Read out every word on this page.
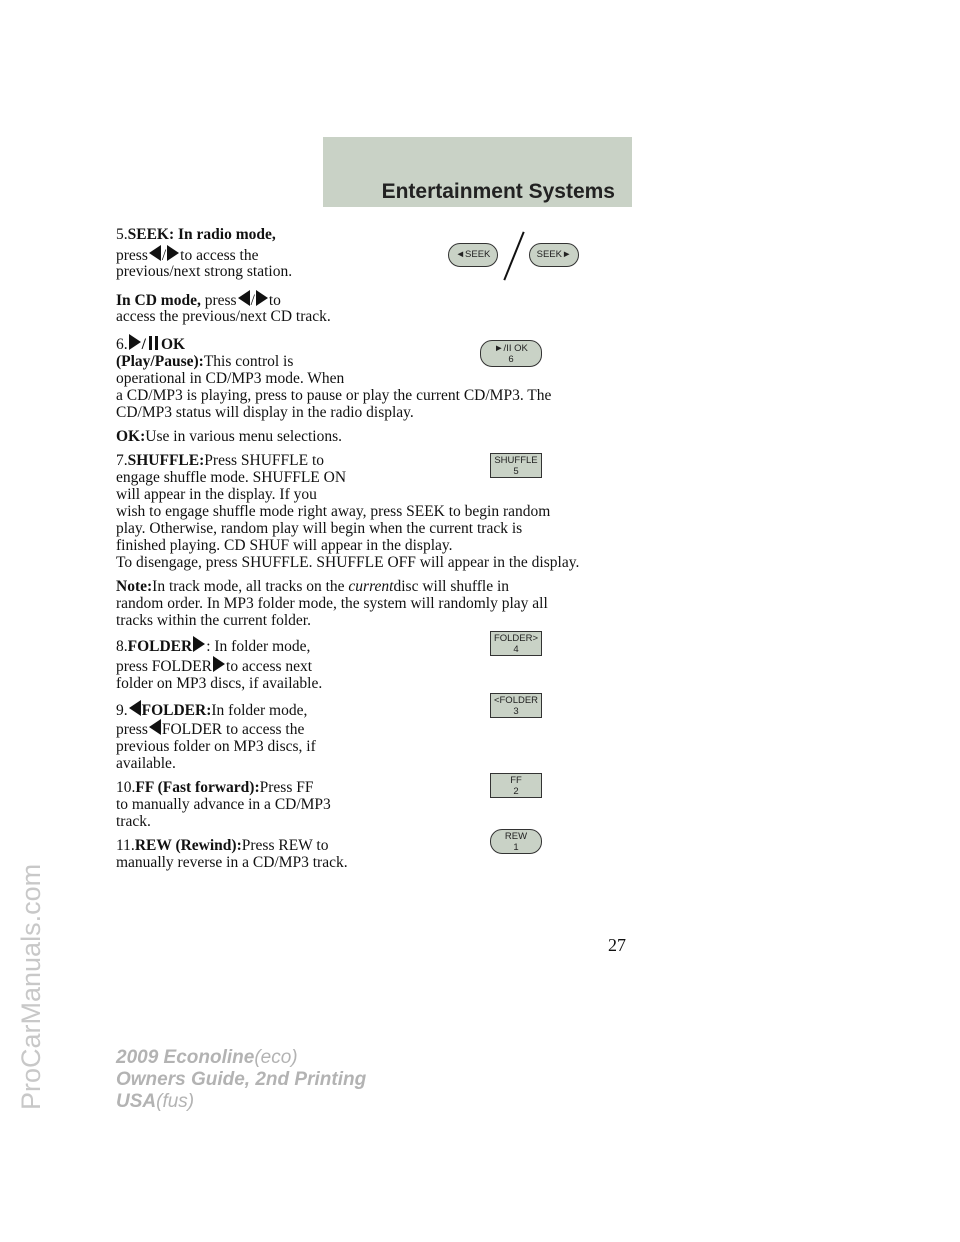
Entertainment Systems
ProCarManuals.com
5.SEEK: In radio mode,
press / to access the
previous/next strong station.
In CD mode, press / to
access the previous/next CD track.
◄SEEK	SEEK►
6. / OK
(Play/Pause):This control is
operational in CD/MP3 mode. When
a CD/MP3 is playing, press to pause or play the current CD/MP3. The
CD/MP3 status will display in the radio display.
►/II OK
6
OK:Use in various menu selections.
7.SHUFFLE:Press SHUFFLE to
engage shuffle mode. SHUFFLE ON
will appear in the display. If you
wish to engage shuffle mode right away, press SEEK to begin random
play. Otherwise, random play will begin when the current track is
finished playing. CD SHUF will appear in the display.
To disengage, press SHUFFLE. SHUFFLE OFF will appear in the display.
SHUFFLE
5
Note:In track mode, all tracks on the currentdisc will shuffle in
random order. In MP3 folder mode, the system will randomly play all
tracks within the current folder.
8.FOLDER : In folder mode,
press FOLDER to access next
folder on MP3 discs, if available.
FOLDER>
4
9. FOLDER:In folder mode,
press FOLDER to access the
previous folder on MP3 discs, if
available.
<FOLDER
3
10.FF (Fast forward):Press FF
to manually advance in a CD/MP3
track.
FF
2
11.REW (Rewind):Press REW to
manually reverse in a CD/MP3 track.
REW
1
27
2009 Econoline(eco)
Owners Guide, 2nd Printing
USA(fus)
